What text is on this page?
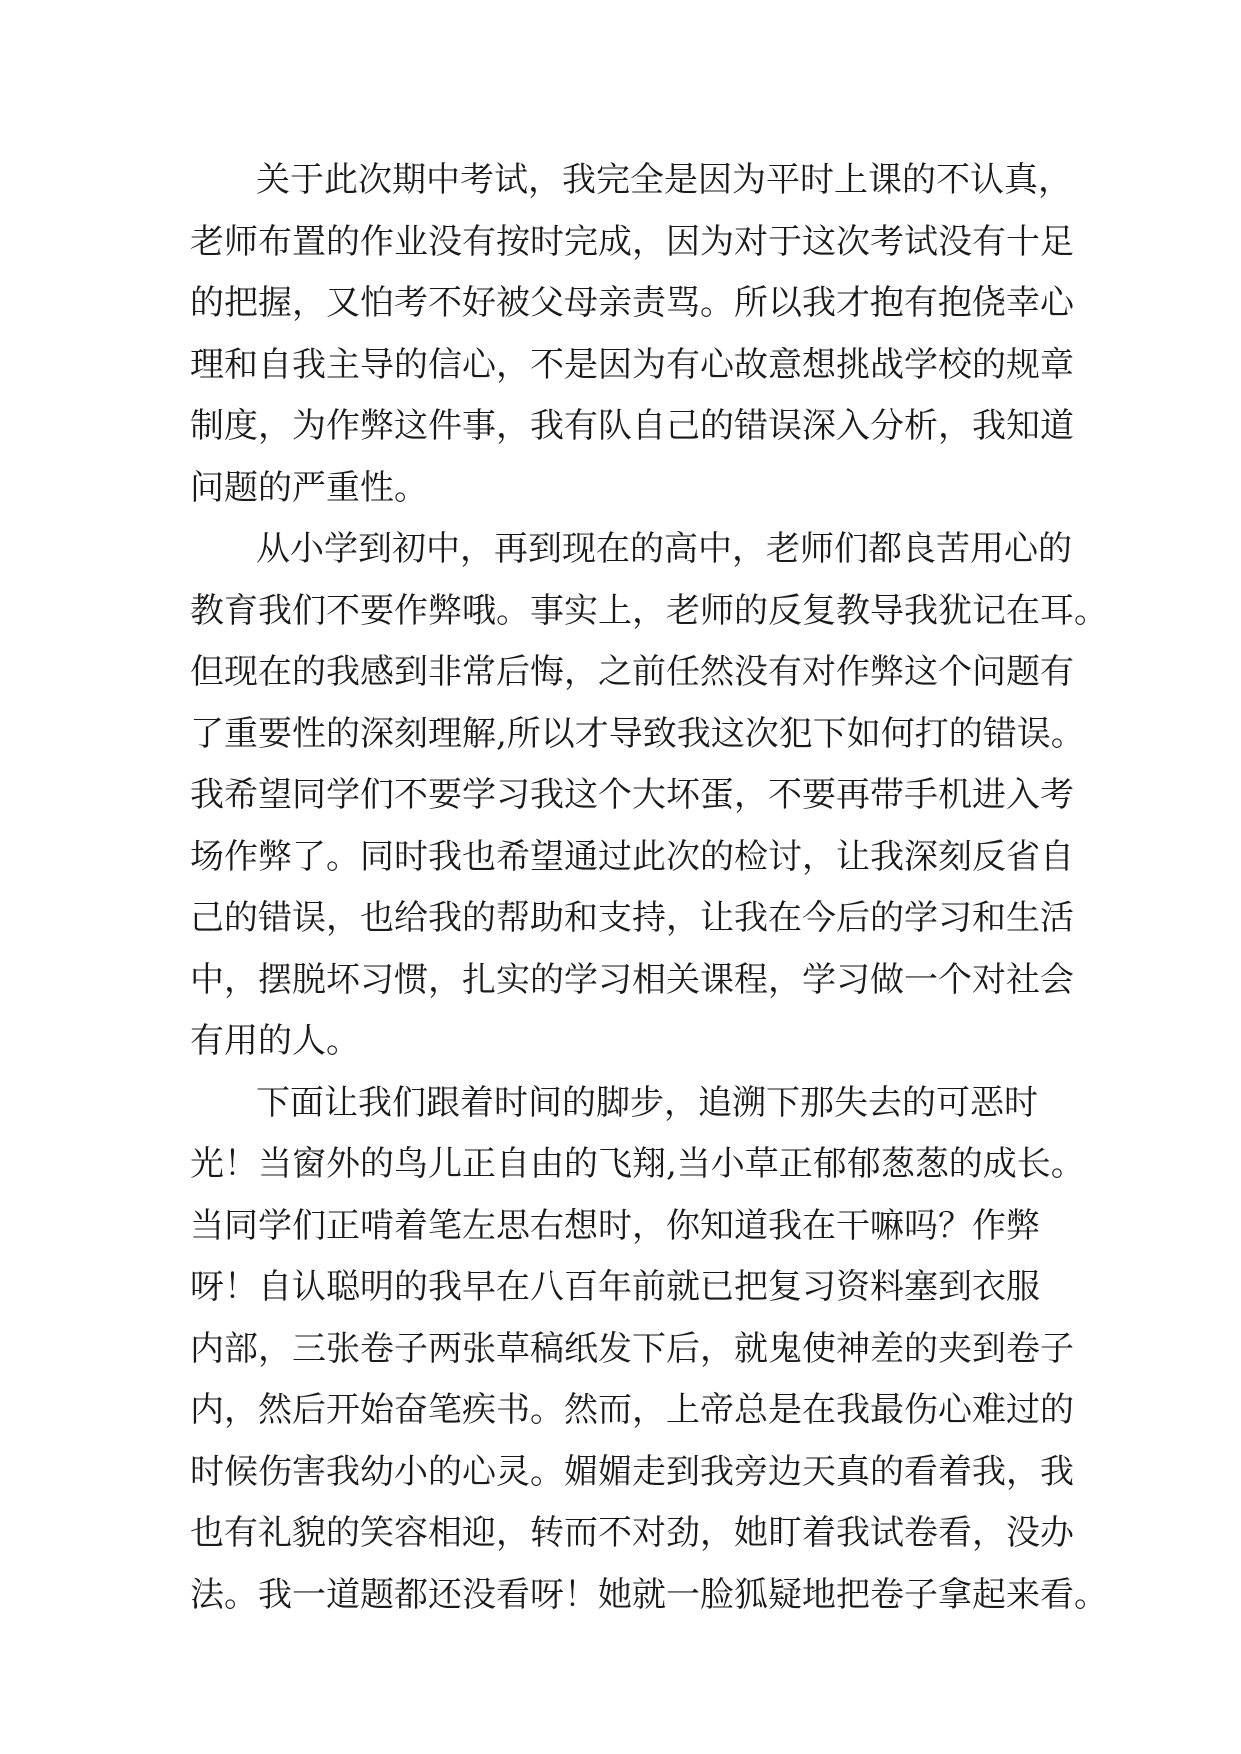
关于此次期中考试，我完全是因为平时上课的不认真，
老师布置的作业没有按时完成，因为对于这次考试没有十足
的把握，又怕考不好被父母亲责骂。所以我才抱有抱侥幸心
理和自我主导的信心，不是因为有心故意想挑战学校的规章
制度，为作弊这件事，我有队自己的错误深入分析，我知道
问题的严重性。
从小学到初中，再到现在的高中，老师们都良苦用心的
教育我们不要作弊哦。事实上，老师的反复教导我犹记在耳。
但现在的我感到非常后悔，之前任然没有对作弊这个问题有
了重要性的深刻理解,所以才导致我这次犯下如何打的错误。
我希望同学们不要学习我这个大坏蛋，不要再带手机进入考
场作弊了。同时我也希望通过此次的检讨，让我深刻反省自
己的错误，也给我的帮助和支持，让我在今后的学习和生活
中，摆脱坏习惯，扎实的学习相关课程，学习做一个对社会
有用的人。
下面让我们跟着时间的脚步，追溯下那失去的可恶时
光！当窗外的鸟儿正自由的飞翔,当小草正郁郁葱葱的成长。
当同学们正啃着笔左思右想时，你知道我在干嘛吗？作弊
呀！自认聪明的我早在八百年前就已把复习资料塞到衣服
内部，三张卷子两张草稿纸发下后，就鬼使神差的夹到卷子
内，然后开始奋笔疾书。然而，上帝总是在我最伤心难过的
时候伤害我幼小的心灵。媚媚走到我旁边天真的看着我，我
也有礼貌的笑容相迎，转而不对劲，她盯着我试卷看，没办
法。我一道题都还没看呀！她就一脸狐疑地把卷子拿起来看。
